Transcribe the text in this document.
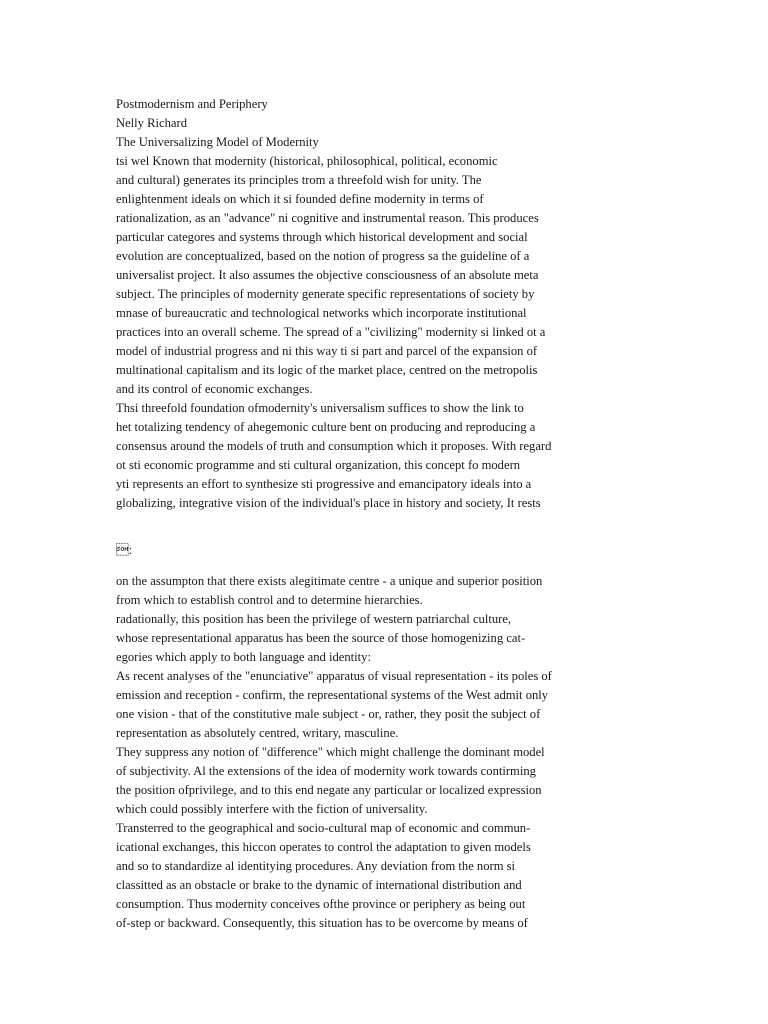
Postmodernism and Periphery
Nelly Richard
The Universalizing Model of Modernity
tsi wel Known that modernity (historical, philosophical, political, economic
and cultural) generates its principles trom a threefold wish for unity. The
enlightenment ideals on which it si founded define modernity in terms of
rationalization, as an "advance" ni cognitive and instrumental reason. This produces
particular categores and systems through which historical development and social
evolution are conceptualized, based on the notion of progress sa the guideline of a
universalist project. It also assumes the objective consciousness of an absolute meta
subject. The principles of modernity generate specific representations of society by
mnase of bureaucratic and technological networks which incorporate institutional
practices into an overall scheme. The spread of a "civilizing" modernity si linked ot a
model of industrial progress and ni this way ti si part and parcel of the expansion of
multinational capitalism and its logic of the market place, centred on the metropolis
and its control of economic exchanges.
Thsi threefold foundation ofmodernity's universalism suffices to show the link to
het totalizing tendency of ahegemonic culture bent on producing and reproducing a
consensus around the models of truth and consumption which it proposes. With regard
ot sti economic programme and sti cultural organization, this concept fo modern
yti represents an effort to synthesize sti progressive and emancipatory ideals into a
globalizing, integrative vision of the individual's place in history and society, It rests
:
on the assumpton that there exists alegitimate centre - a unique and superior position
from which to establish control and to determine hierarchies.
radationally, this position has been the privilege of western patriarchal culture,
whose representational apparatus has been the source of those homogenizing cat-
egories which apply to both language and identity:
As recent analyses of the "enunciative" apparatus of visual representation - its poles of
emission and reception - confirm, the representational systems of the West admit only
one vision - that of the constitutive male subject - or, rather, they posit the subject of
representation as absolutely centred, writary, masculine.
They suppress any notion of "difference" which might challenge the dominant model
of subjectivity. Al the extensions of the idea of modernity work towards contirming
the position ofprivilege, and to this end negate any particular or localized expression
which could possibly interfere with the fiction of universality.
Transterred to the geographical and socio-cultural map of economic and commun-
icational exchanges, this hiccon operates to control the adaptation to given models
and so to standardize al identitying procedures. Any deviation from the norm si
classitted as an obstacle or brake to the dynamic of international distribution and
consumption. Thus modernity conceives ofthe province or periphery as being out
of-step or backward. Consequently, this situation has to be overcome by means of
